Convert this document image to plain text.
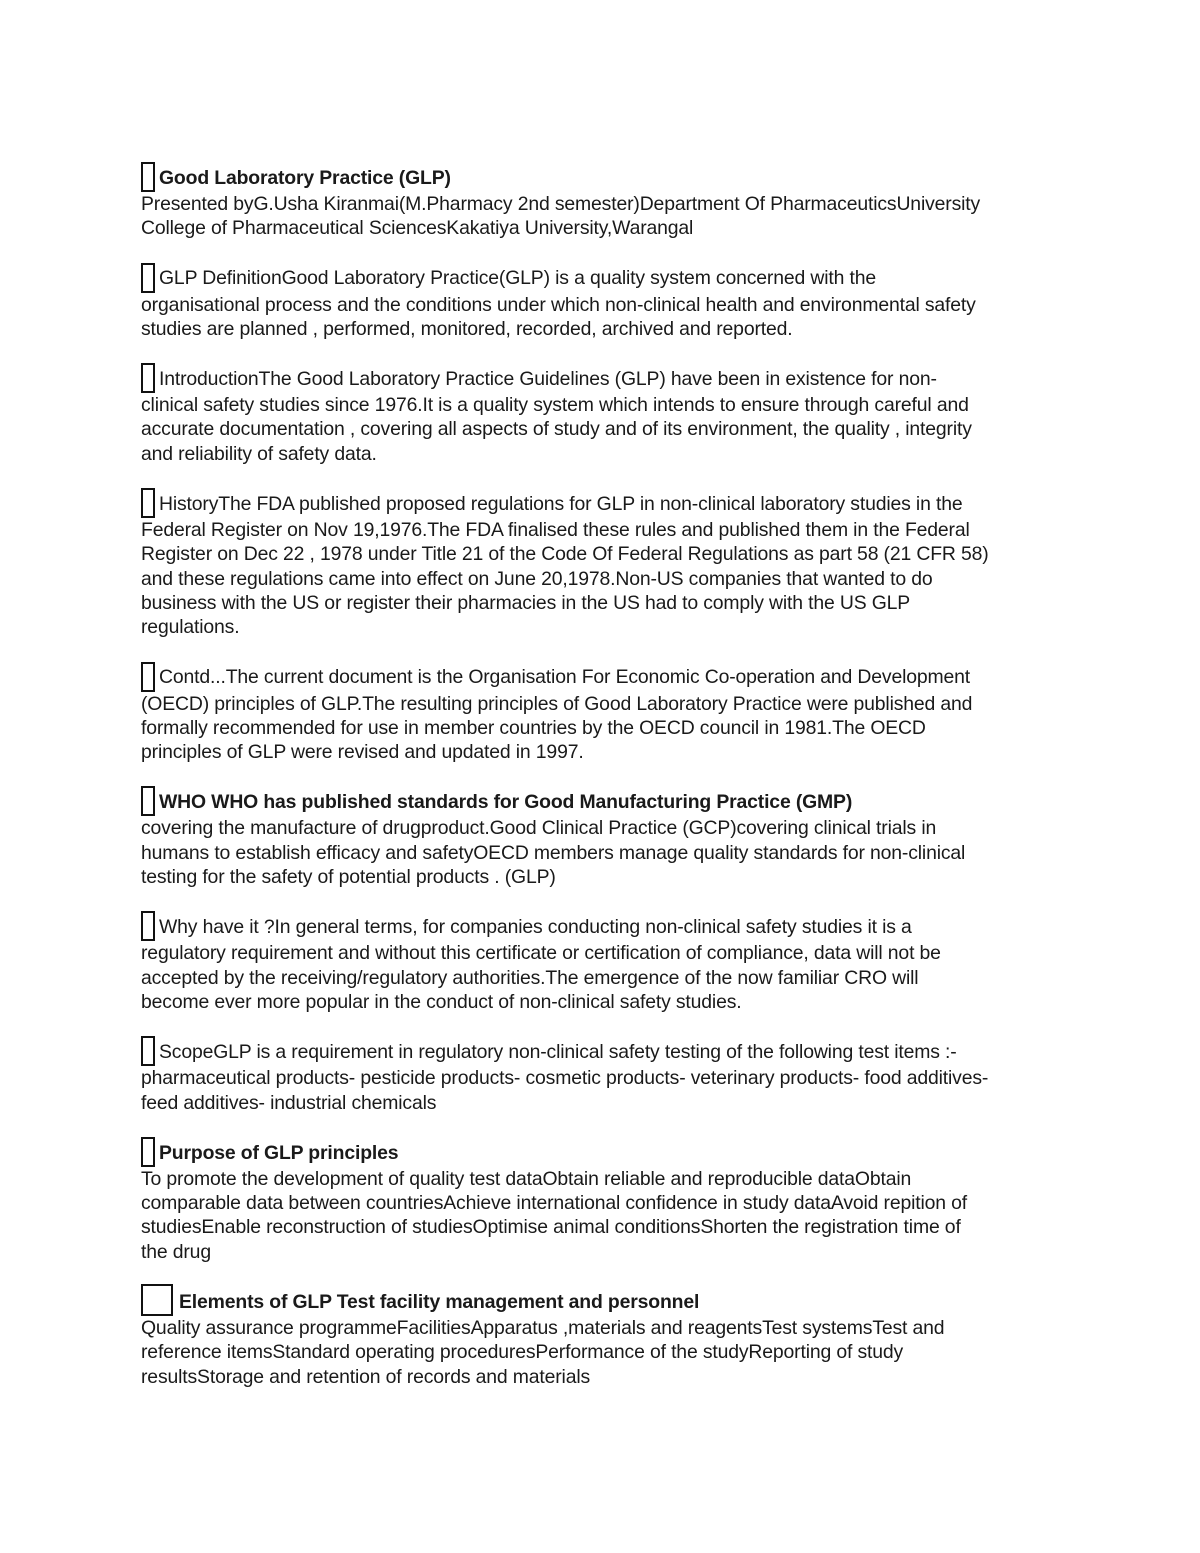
Good Laboratory Practice (GLP)
Presented byG.Usha Kiranmai(M.Pharmacy 2nd semester)Department Of PharmaceuticsUniversity
College of Pharmaceutical SciencesKakatiya University,Warangal
GLP DefinitionGood Laboratory Practice(GLP) is a quality system concerned with the
organisational process and the conditions under which non-clinical health and environmental safety
studies are planned , performed, monitored, recorded, archived and reported.
IntroductionThe Good Laboratory Practice Guidelines (GLP) have been in existence for non-
clinical safety studies since 1976.It is a quality system which intends to ensure through careful and
accurate documentation , covering all aspects of study and of its environment, the quality , integrity
and reliability of safety data.
HistoryThe FDA published proposed regulations for GLP in non-clinical laboratory studies in the
Federal Register on Nov 19,1976.The FDA finalised these rules and published them in the Federal
Register on Dec 22 , 1978 under Title 21 of the Code Of Federal Regulations as part 58 (21 CFR 58)
and these regulations came into effect on June 20,1978.Non-US companies that wanted to do
business with the US or register their pharmacies in the US had to comply with the US GLP
regulations.
Contd...The current document is the Organisation For Economic Co-operation and Development
(OECD) principles of GLP.The resulting principles of Good Laboratory Practice were published and
formally recommended for use in member countries by the OECD council in 1981.The OECD
principles of GLP were revised and updated in 1997.
WHO WHO has published standards for Good Manufacturing Practice (GMP)
covering the manufacture of drugproduct.Good Clinical Practice (GCP)covering clinical trials in
humans to establish efficacy and safetyOECD members manage quality standards for non-clinical
testing for the safety of potential products . (GLP)
Why have it ?In general terms, for companies conducting non-clinical safety studies it is a
regulatory requirement and without this certificate or certification of compliance, data will not be
accepted by the receiving/regulatory authorities.The emergence of the now familiar CRO will
become ever more popular in the conduct of non-clinical safety studies.
ScopeGLP is a requirement in regulatory non-clinical safety testing of the following test items :-
pharmaceutical products- pesticide products- cosmetic products- veterinary products- food additives-
feed additives- industrial chemicals
Purpose of GLP principles
To promote the development of quality test dataObtain reliable and reproducible dataObtain
comparable data between countriesAchieve international confidence in study dataAvoid repition of
studiesEnable reconstruction of studiesOptimise animal conditionsShorten the registration time of
the drug
Elements of GLP Test facility management and personnel
Quality assurance programmeFacilitiesApparatus ,materials and reagentsTest systemsTest and
reference itemsStandard operating proceduresPerformance of the studyReporting of study
resultsStorage and retention of records and materials
